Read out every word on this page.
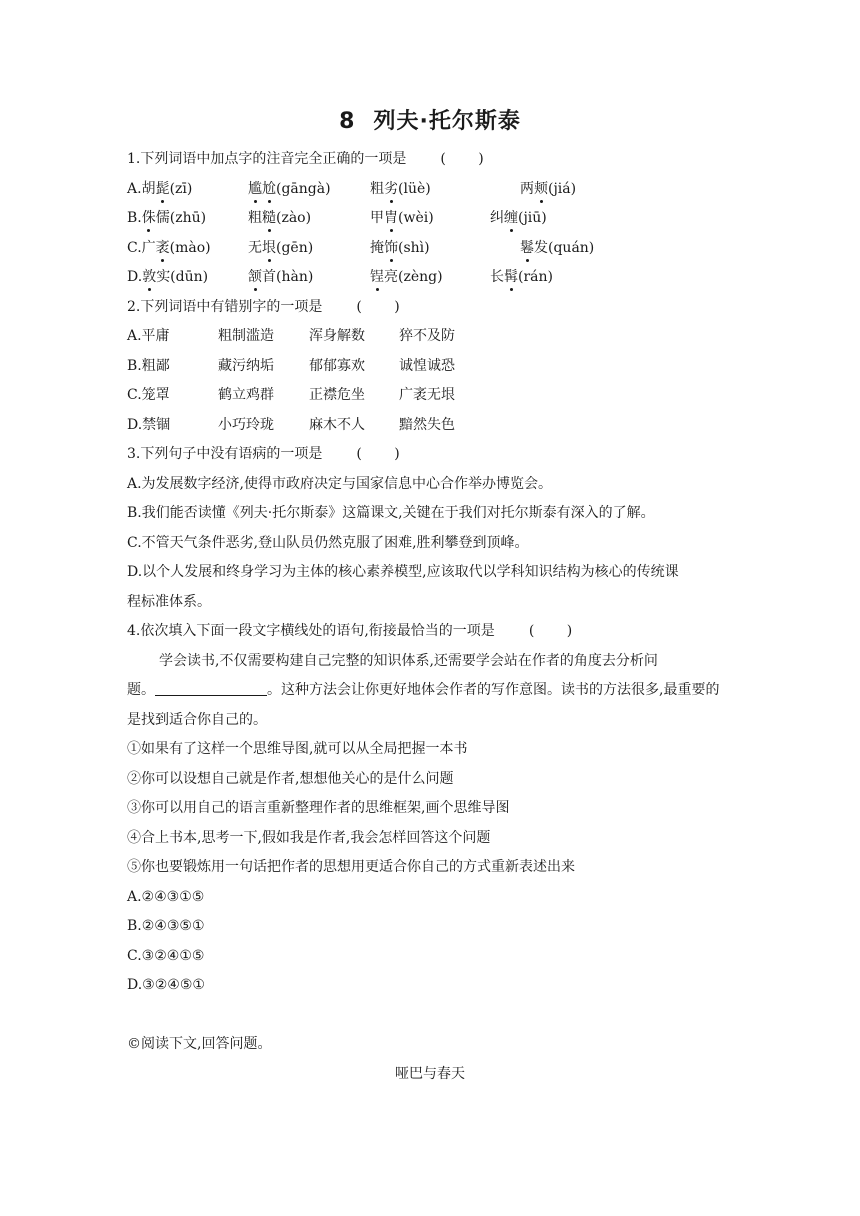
8 列夫·托尔斯泰
1.下列词语中加点字的注音完全正确的一项是 ( )
A.胡髭(zī)	尴尬(gāngà)	粗劣(lüè)	两颊(jiá)
B.侏儒(zhū)	粗糙(zào)	甲胄(wèi)	纠缠(jiū)
C.广袤(mào)	无垠(gēn)	掩饰(shì)	鬈发(quán)
D.敦实(dūn)	颔首(hàn)	锃亮(zèng)	长髯(rán)
2.下列词语中有错别字的一项是 ( )
A.平庸	粗制滥造	浑身解数 猝不及防
B.粗鄙	藏污纳垢	郁郁寡欢 诚惶诚恐
C.笼罩	鹤立鸡群	正襟危坐 广袤无垠
D.禁锢	小巧玲珑	麻木不人 黯然失色
3.下列句子中没有语病的一项是 ( )
A.为发展数字经济,使得市政府决定与国家信息中心合作举办博览会。
B.我们能否读懂《列夫·托尔斯泰》这篇课文,关键在于我们对托尔斯泰有深入的了解。
C.不管天气条件恶劣,登山队员仍然克服了困难,胜利攀登到顶峰。
D.以个人发展和终身学习为主体的核心素养模型,应该取代以学科知识结构为核心的传统课
程标准体系。
4.依次填入下面一段文字横线处的语句,衔接最恰当的一项是 ( )
学会读书,不仅需要构建自己完整的知识体系,还需要学会站在作者的角度去分析问
题。	。这种方法会让你更好地体会作者的写作意图。读书的方法很多,最重要的
是找到适合你自己的。
①如果有了这样一个思维导图,就可以从全局把握一本书
②你可以设想自己就是作者,想想他关心的是什么问题
③你可以用自己的语言重新整理作者的思维框架,画个思维导图
④合上书本,思考一下,假如我是作者,我会怎样回答这个问题
⑤你也要锻炼用一句话把作者的思想用更适合你自己的方式重新表述出来
A.②④③①⑤
B.②④③⑤①
C.③②④①⑤
D.③②④⑤①
©阅读下文,回答问题。
哑巴与春天
